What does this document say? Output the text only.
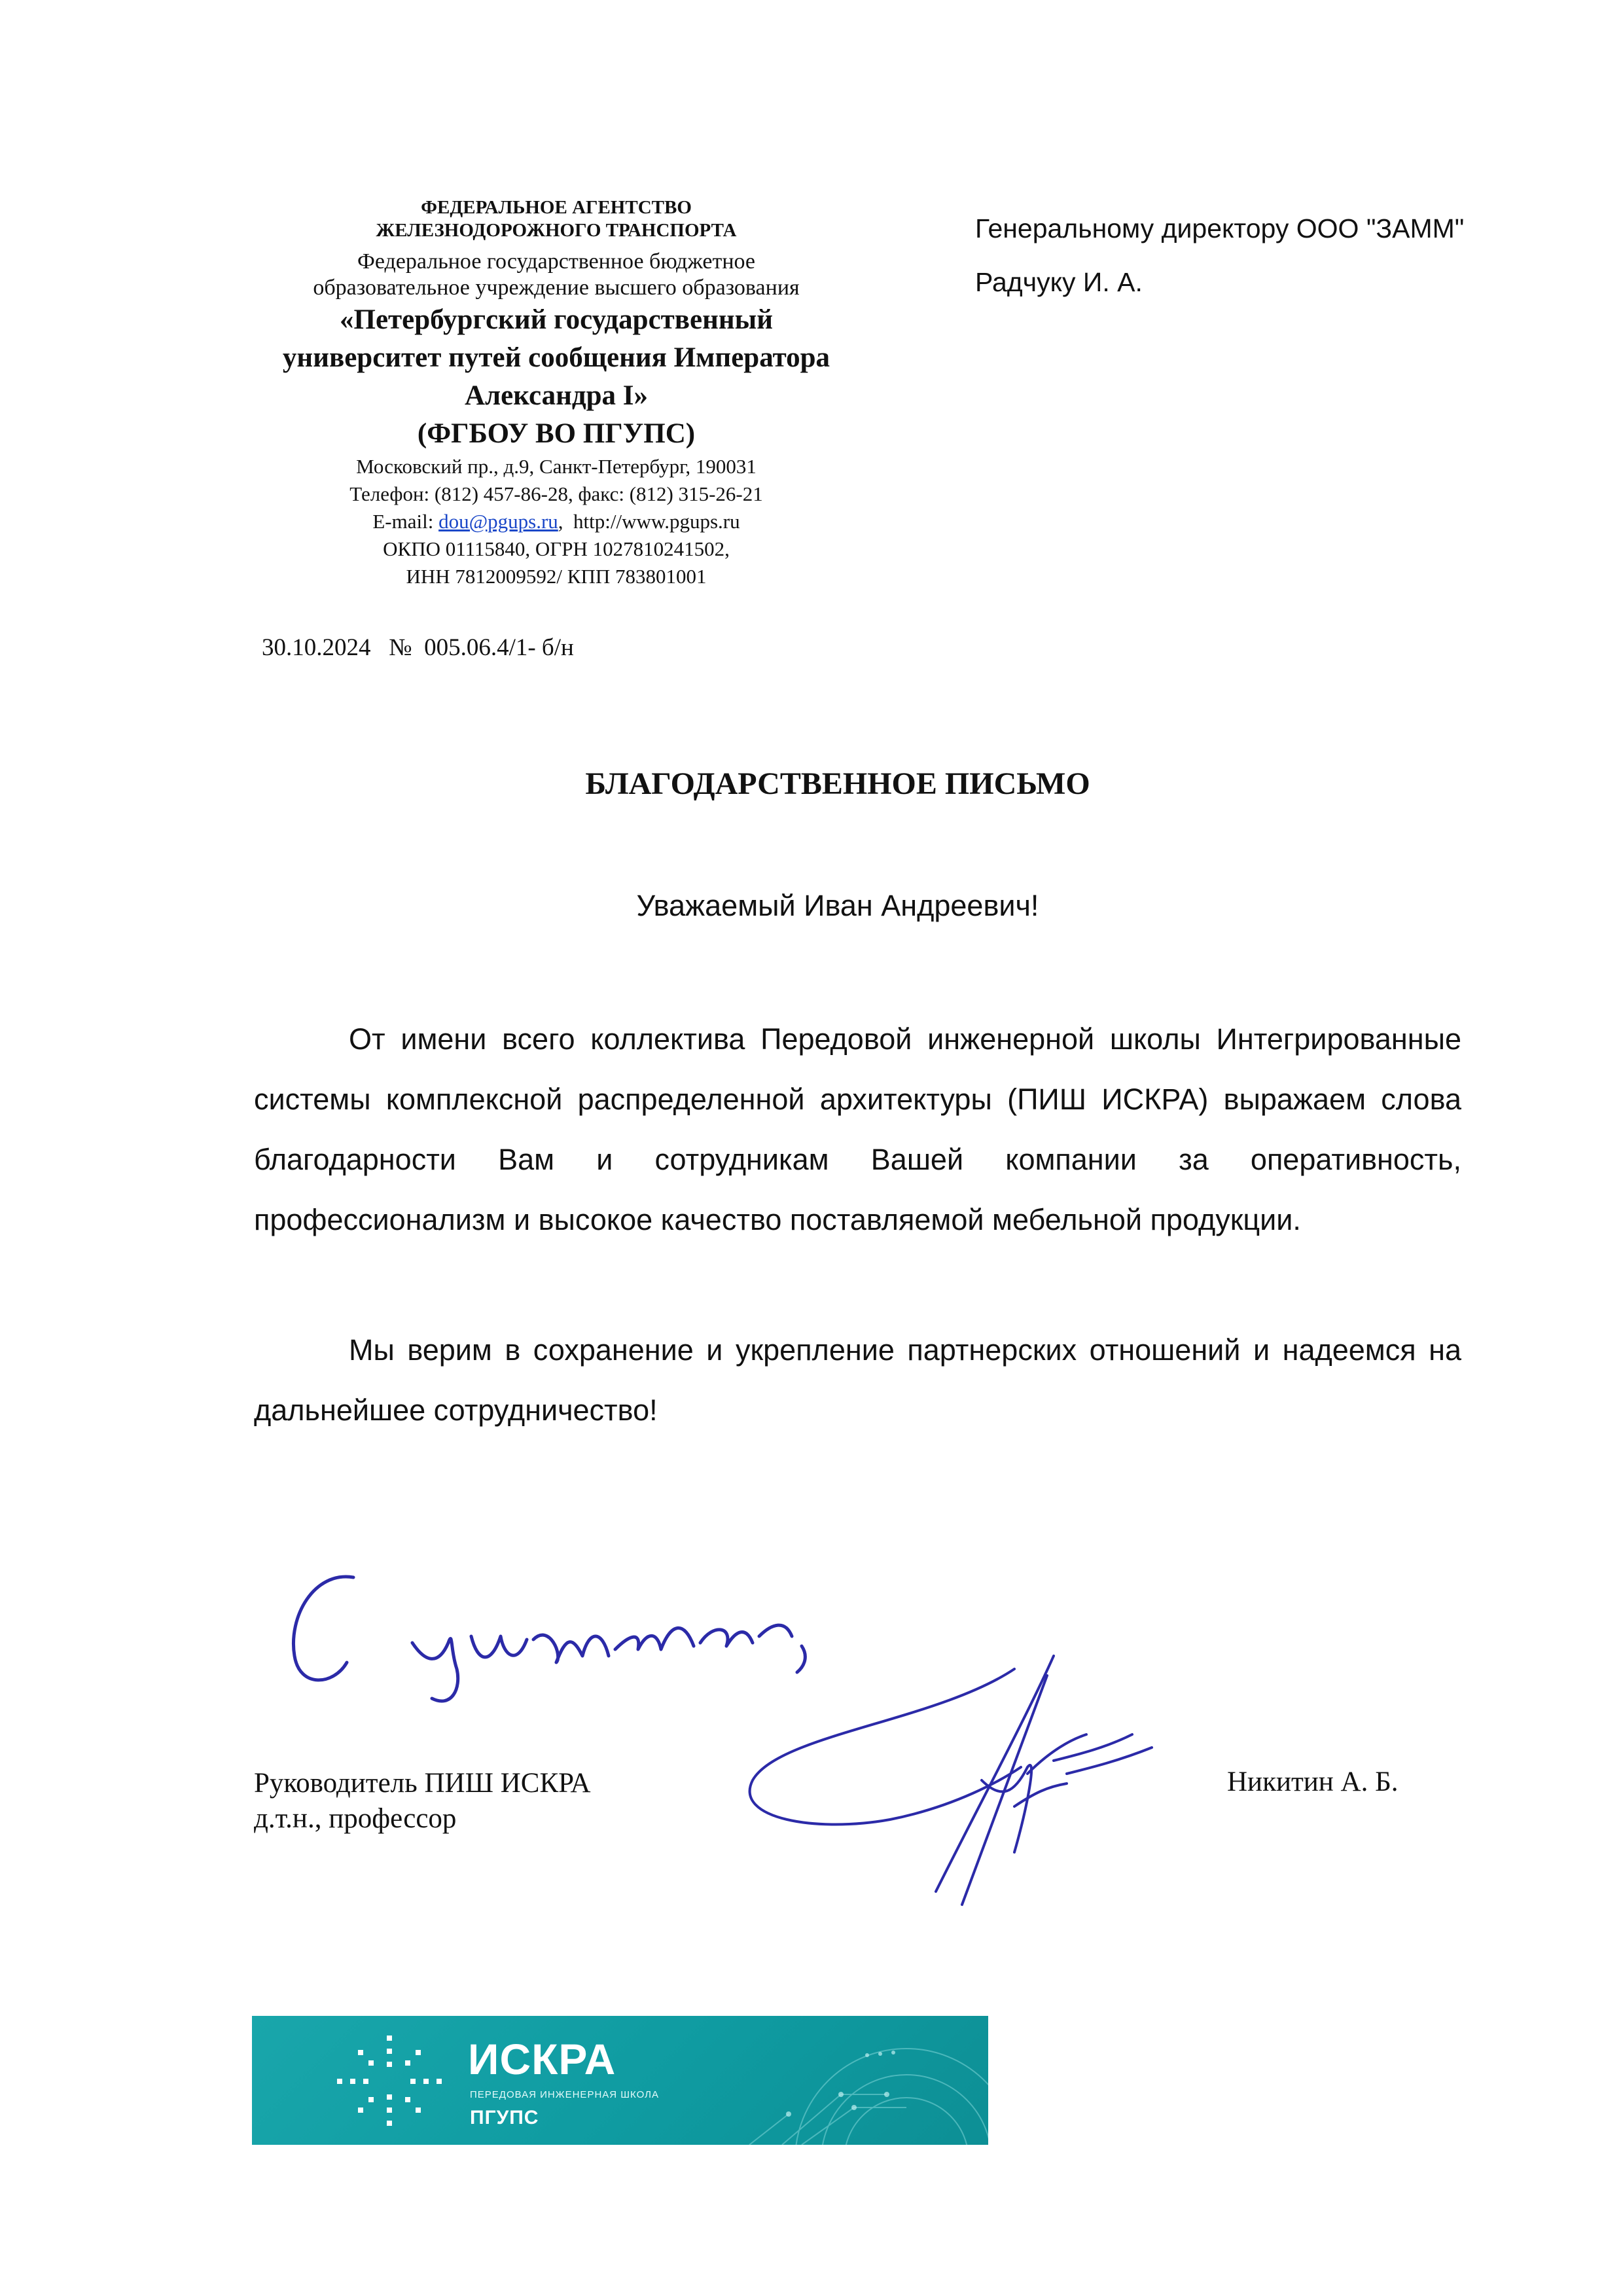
ФЕДЕРАЛЬНОЕ АГЕНТСТВО
ЖЕЛЕЗНОДОРОЖНОГО ТРАНСПОРТА
Федеральное государственное бюджетное
образовательное учреждение высшего образования
«Петербургский государственный
университет путей сообщения Императора
Александра I»
(ФГБОУ ВО ПГУПС)
Московский пр., д.9, Санкт-Петербург, 190031
Телефон: (812) 457-86-28, факс: (812) 315-26-21
E-mail: dou@pgups.ru,  http://www.pgups.ru
ОКПО 01115840, ОГРН 1027810241502,
ИНН 7812009592/ КПП 783801001
30.10.2024 № 005.06.4/1- б/н
Генеральному директору ООО "ЗАММ"
Радчуку И. А.
БЛАГОДАРСТВЕННОЕ ПИСЬМО
Уважаемый Иван Андреевич!
От имени всего коллектива Передовой инженерной школы Интегрированные системы комплексной распределенной архитектуры (ПИШ ИСКРА) выражаем слова благодарности Вам и сотрудникам Вашей компании за оперативность, профессионализм и высокое качество поставляемой мебельной продукции.
Мы верим в сохранение и укрепление партнерских отношений и надеемся на дальнейшее сотрудничество!
Руководитель ПИШ ИСКРА
д.т.н., профессор
Никитин А. Б.
ИСКРА
ПЕРЕДОВАЯ ИНЖЕНЕРНАЯ ШКОЛА
ПГУПС
